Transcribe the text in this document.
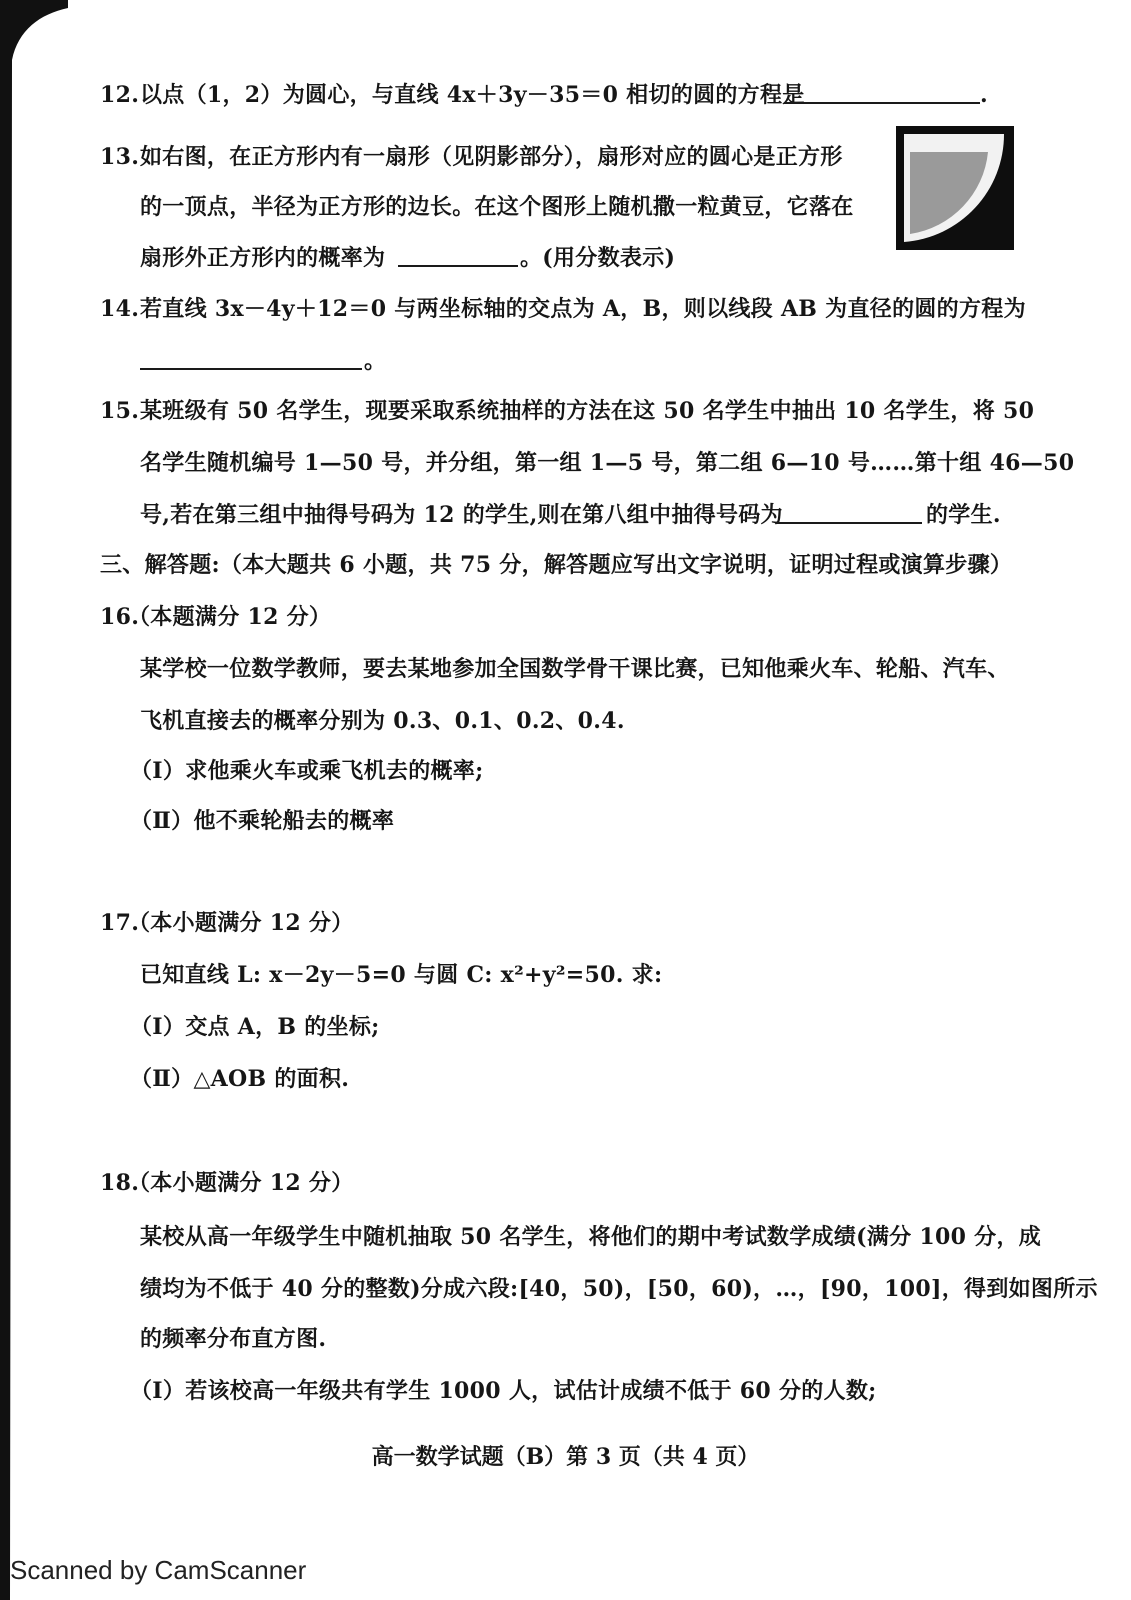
12. 以点（1，2）为圆心，与直线 4x＋3y－35＝0 相切的圆的方程是	.
13. 如右图，在正方形内有一扇形（见阴影部分），扇形对应的圆心是正方形
的一顶点，半径为正方形的边长。在这个图形上随机撒一粒黄豆，它落在
扇形外正方形内的概率为	。(用分数表示)
14. 若直线 3x－4y＋12＝0 与两坐标轴的交点为 A，B，则以线段 AB 为直径的圆的方程为
。
15. 某班级有 50 名学生，现要采取系统抽样的方法在这 50 名学生中抽出 10 名学生，将 50
名学生随机编号 1—50 号，并分组，第一组 1—5 号，第二组 6—10 号……第十组 46—50
号,若在第三组中抽得号码为 12 的学生,则在第八组中抽得号码为	的学生.
三、解答题:（本大题共 6 小题，共 75 分，解答题应写出文字说明，证明过程或演算步骤）
16.
（本题满分 12 分）
某学校一位数学教师，要去某地参加全国数学骨干课比赛，已知他乘火车、轮船、汽车、
飞机直接去的概率分别为 0.3、0.1、0.2、0.4.
（Ⅰ）求他乘火车或乘飞机去的概率;
（Ⅱ）他不乘轮船去的概率
17.
（本小题满分 12 分）
已知直线 L: x－2y－5=0 与圆 C: x²+y²=50. 求:
（Ⅰ）交点 A，B 的坐标;
（Ⅱ）△AOB 的面积.
18.
（本小题满分 12 分）
某校从高一年级学生中随机抽取 50 名学生，将他们的期中考试数学成绩(满分 100 分，成
绩均为不低于 40 分的整数)分成六段:[40，50)，[50，60)，…，[90，100]，得到如图所示
的频率分布直方图.
（Ⅰ）若该校高一年级共有学生 1000 人，试估计成绩不低于 60 分的人数;
高一数学试题（B）第 3 页（共 4 页）
Scanned by CamScanner
